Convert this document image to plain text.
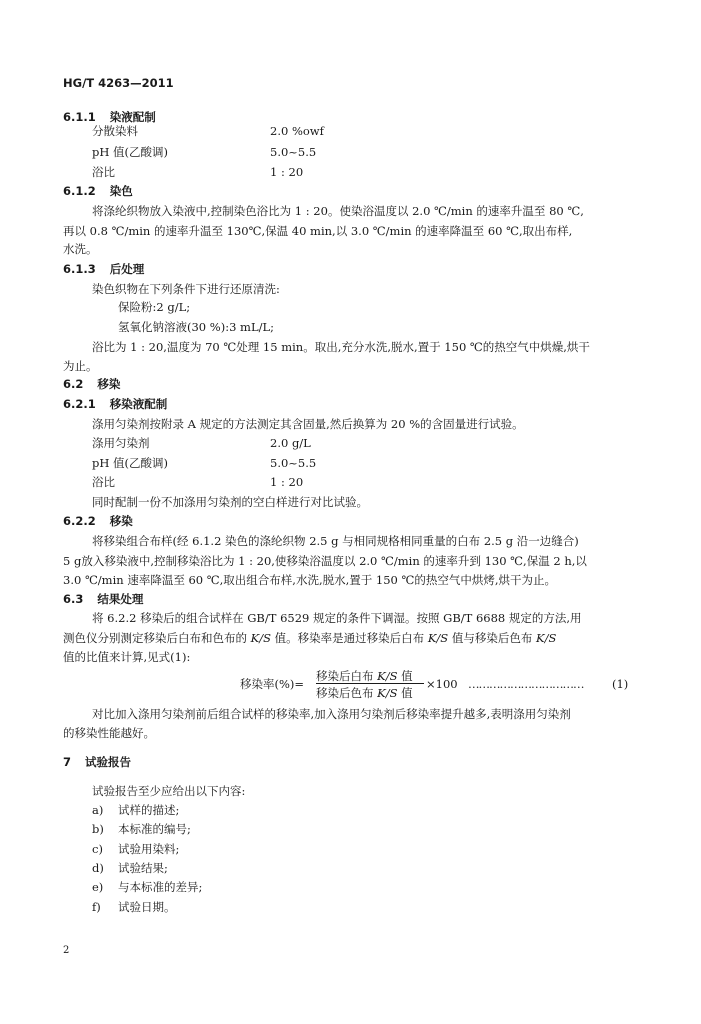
HG/T 4263—2011
6.1.1 染液配制
分散染料	2.0 %owf
pH 值(乙酸调)	5.0~5.5
浴比	1 : 20
6.1.2 染色
将涤纶织物放入染液中,控制染色浴比为 1 : 20。使染浴温度以 2.0 ℃/min 的速率升温至 80 ℃,
再以 0.8 ℃/min 的速率升温至 130℃,保温 40 min,以 3.0 ℃/min 的速率降温至 60 ℃,取出布样,
水洗。
6.1.3 后处理
染色织物在下列条件下进行还原清洗:
保险粉:2 g/L;
氢氧化钠溶液(30 %):3 mL/L;
浴比为 1 : 20,温度为 70 ℃处理 15 min。取出,充分水洗,脱水,置于 150 ℃的热空气中烘燥,烘干
为止。
6.2 移染
6.2.1 移染液配制
涤用匀染剂按附录 A 规定的方法测定其含固量,然后换算为 20 %的含固量进行试验。
涤用匀染剂	2.0 g/L
pH 值(乙酸调)	5.0~5.5
浴比	1 : 20
同时配制一份不加涤用匀染剂的空白样进行对比试验。
6.2.2 移染
将移染组合布样(经 6.1.2 染色的涤纶织物 2.5 g 与相同规格相同重量的白布 2.5 g 沿一边缝合)
5 g放入移染液中,控制移染浴比为 1 : 20,使移染浴温度以 2.0 ℃/min 的速率升到 130 ℃,保温 2 h,以
3.0 ℃/min 速率降温至 60 ℃,取出组合布样,水洗,脱水,置于 150 ℃的热空气中烘烤,烘干为止。
6.3 结果处理
将 6.2.2 移染后的组合试样在 GB/T 6529 规定的条件下调湿。按照 GB/T 6688 规定的方法,用
测色仪分别测定移染后白布和色布的 K/S 值。移染率是通过移染后白布 K/S 值与移染后色布 K/S
值的比值来计算,见式(1):
移染率(%)=
移染后白布 K/S 值
移染后色布 K/S 值
×100 …………………………… (1)
对比加入涤用匀染剂前后组合试样的移染率,加入涤用匀染剂后移染率提升越多,表明涤用匀染剂
的移染性能越好。
7 试验报告
试验报告至少应给出以下内容:
a) 试样的描述;
b) 本标准的编号;
c) 试验用染料;
d) 试验结果;
e) 与本标准的差异;
f) 试验日期。
2
